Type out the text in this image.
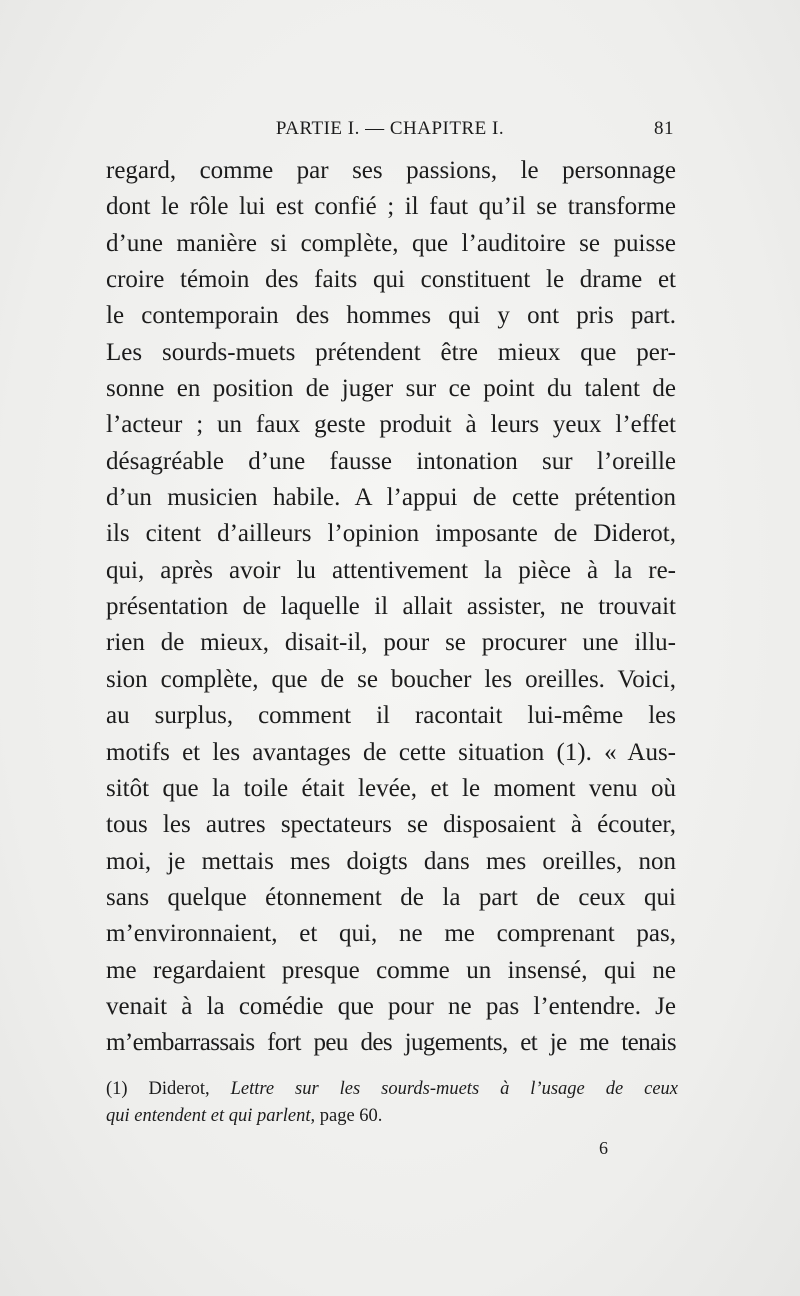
PARTIE I. — CHAPITRE I.	81
regard, comme par ses passions, le personnage
dont le rôle lui est confié ; il faut qu’il se transforme
d’une manière si complète, que l’auditoire se puisse
croire témoin des faits qui constituent le drame et
le contemporain des hommes qui y ont pris part.
Les sourds-muets prétendent être mieux que per-
sonne en position de juger sur ce point du talent de
l’acteur ; un faux geste produit à leurs yeux l’effet
désagréable d’une fausse intonation sur l’oreille
d’un musicien habile. A l’appui de cette prétention
ils citent d’ailleurs l’opinion imposante de Diderot,
qui, après avoir lu attentivement la pièce à la re-
présentation de laquelle il allait assister, ne trouvait
rien de mieux, disait-il, pour se procurer une illu-
sion complète, que de se boucher les oreilles. Voici,
au surplus, comment il racontait lui-même les
motifs et les avantages de cette situation (1). « Aus-
sitôt que la toile était levée, et le moment venu où
tous les autres spectateurs se disposaient à écouter,
moi, je mettais mes doigts dans mes oreilles, non
sans quelque étonnement de la part de ceux qui
m’environnaient, et qui, ne me comprenant pas,
me regardaient presque comme un insensé, qui ne
venait à la comédie que pour ne pas l’entendre. Je
m’embarrassais fort peu des jugements, et je me tenais
(1) Diderot, Lettre sur les sourds-muets à l’usage de ceux
qui entendent et qui parlent, page 60.
6
